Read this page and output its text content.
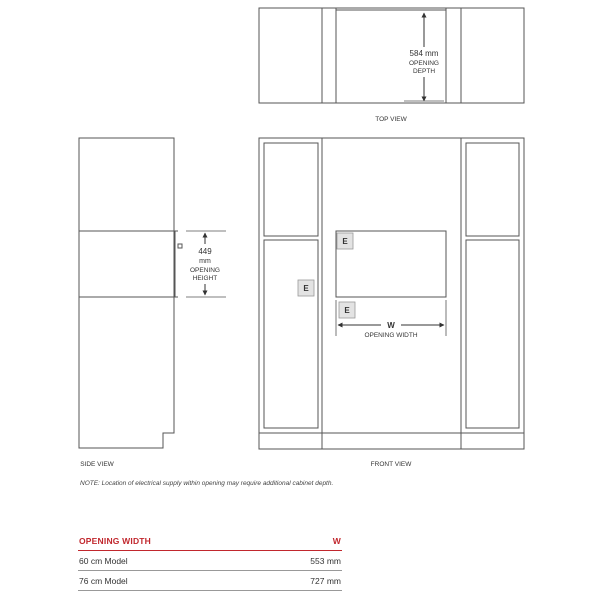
584 mm
OPENING
DEPTH
TOP VIEW
449
mm
OPENING
HEIGHT
SIDE VIEW
E
E
E
W
OPENING WIDTH
FRONT VIEW
NOTE: Location of electrical supply within opening may require additional cabinet depth.
OPENING WIDTH	W
60 cm Model	553 mm
76 cm Model	727 mm
